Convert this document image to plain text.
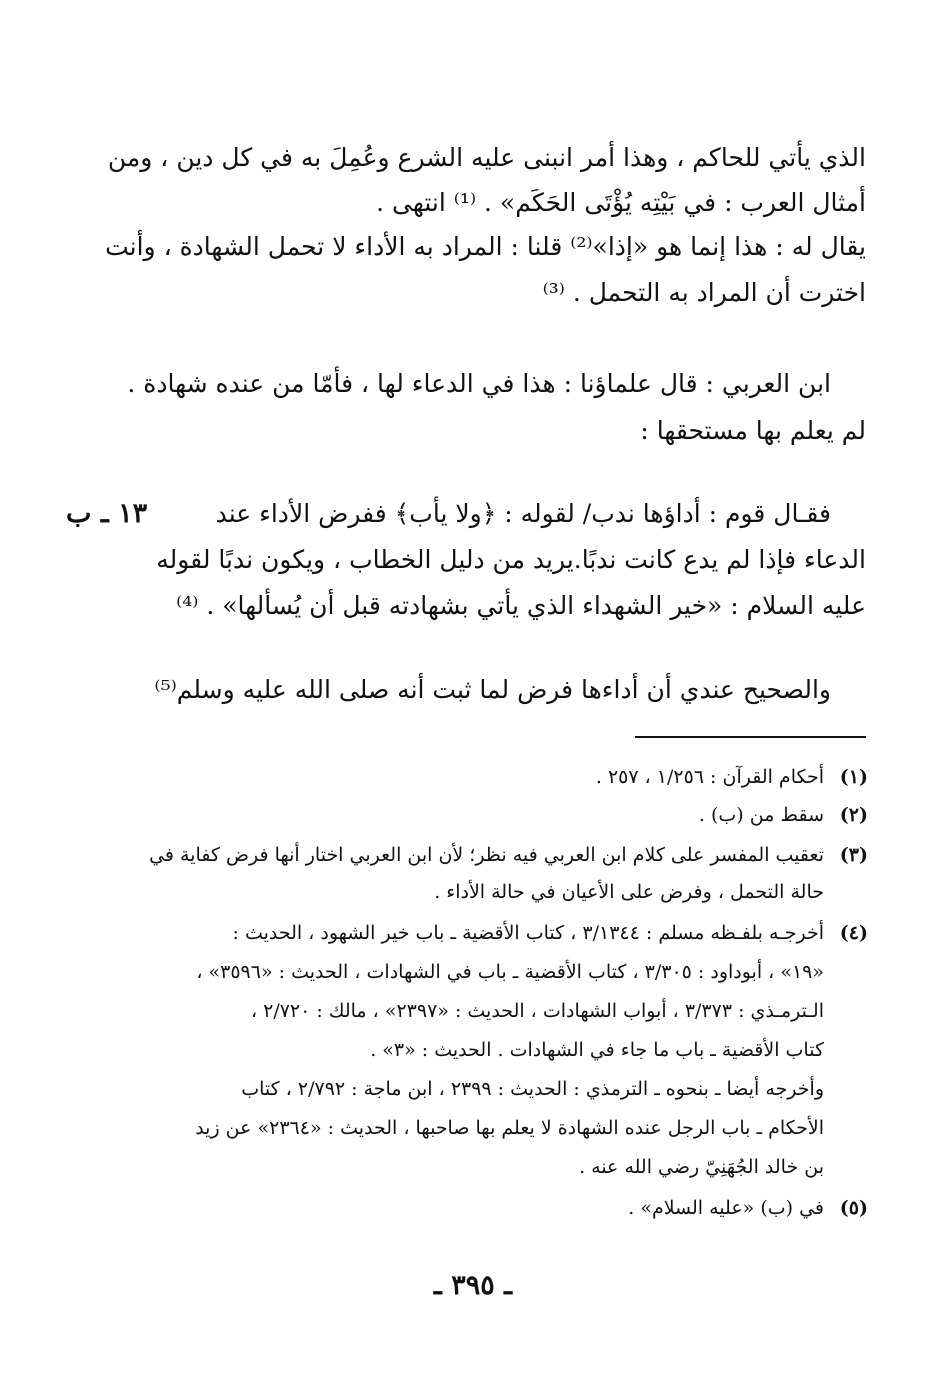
الذي يأتي للحاكم ، وهذا أمر انبنى عليه الشرع وعُمِلَ به في كل دين ، ومن
أمثال العرب : في بَيْتِه يُؤْتَى الحَكَم» . ⁽¹⁾ انتهى .
يقال له : هذا إنما هو «إذا»⁽²⁾ قلنا : المراد به الأداء لا تحمل الشهادة ، وأنت
اخترت أن المراد به التحمل . ⁽³⁾
ابن العربي : قال علماؤنا : هذا في الدعاء لها ، فأمّا من عنده شهادة .
لم يعلم بها مستحقها :
فقـال قوم : أداؤها ندب/ لقوله : ﴿ولا يأب﴾ ففرض الأداء عند
١٣ ـ ب
الدعاء فإذا لم يدع كانت ندبًا.يريد من دليل الخطاب ، ويكون ندبًا لقوله
عليه السلام : «خير الشهداء الذي يأتي بشهادته قبل أن يُسألها» . ⁽⁴⁾
والصحيح عندي أن أداءها فرض لما ثبت أنه صلى الله عليه وسلم⁽⁵⁾
(١)
أحكام القرآن : ١/٢٥٦ ، ٢٥٧ .
(٢)
سقط من (ب) .
(٣)
تعقيب المفسر على كلام ابن العربي فيه نظر؛ لأن ابن العربي اختار أنها فرض كفاية في
حالة التحمل ، وفرض على الأعيان في حالة الأداء .
(٤)
أخرجـه بلفـظه مسلم : ٣/١٣٤٤ ، كتاب الأقضية ـ باب خير الشهود ، الحديث :
«١٩» ، أبوداود : ٣/٣٠٥ ، كتاب الأقضية ـ باب في الشهادات ، الحديث : «٣٥٩٦» ،
الـترمـذي : ٣/٣٧٣ ، أبواب الشهادات ، الحديث : «٢٣٩٧» ، مالك : ٢/٧٢٠ ،
كتاب الأقضية ـ باب ما جاء في الشهادات . الحديث : «٣» .
وأخرجه أيضا ـ بنحوه ـ الترمذي : الحديث : ٢٣٩٩ ، ابن ماجة : ٢/٧٩٢ ، كتاب
الأحكام ـ باب الرجل عنده الشهادة لا يعلم بها صاحبها ، الحديث : «٢٣٦٤» عن زيد
بن خالد الجُهَنِيّ رضي الله عنه .
(٥)
في (ب) «عليه السلام» .
ـ ٣٩٥ ـ
